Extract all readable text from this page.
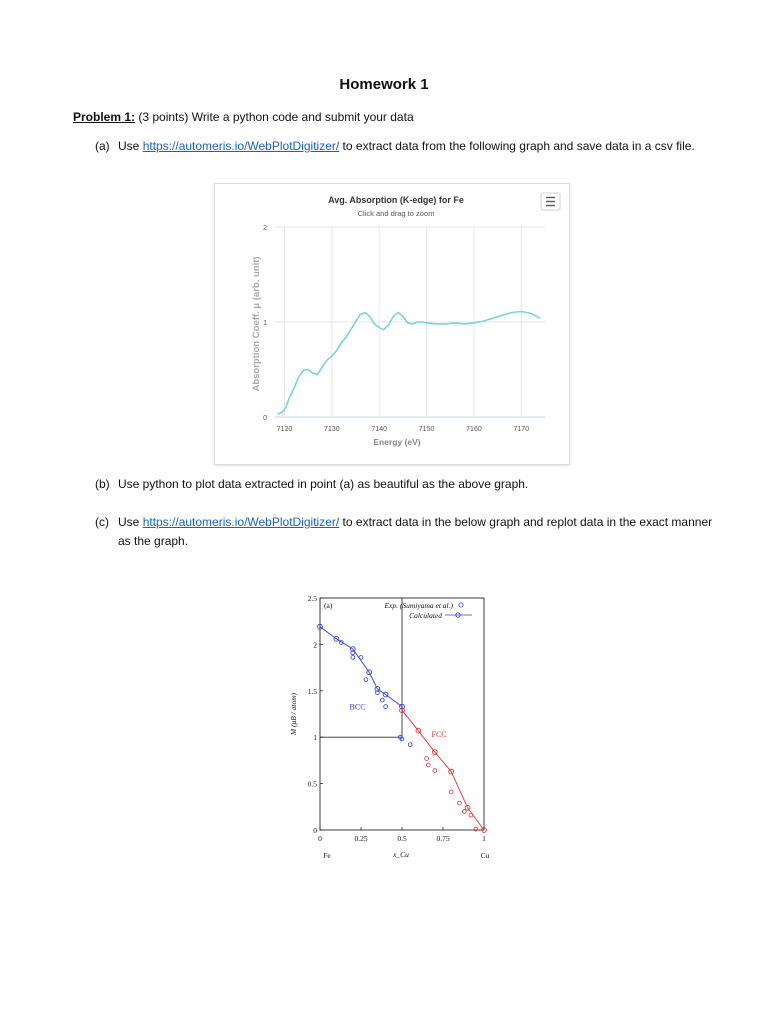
Homework 1
Problem 1: (3 points) Write a python code and submit your data
(a) Use https://automeris.io/WebPlotDigitizer/ to extract data from the following graph and save data in a csv file.
(b) Use python to plot data extracted in point (a) as beautiful as the above graph.
(c) Use https://automeris.io/WebPlotDigitizer/ to extract data in the below graph and replot data in the exact manner as the graph.
Avg. Absorption (K-edge) for Fe
Click and drag to zoom
7120	7130	7140	7150	7160	7170
0
1
2
Energy (eV)
Absorption Coeff. μ (arb. unit)
0	0.25	0.5	0.75	1
0
0.5
1
1.5
2
2.5
(a)	Exp. (Sumiyama et al.)
Calculated
BCC
FCC
M (μB / atom)
x_Cu
Fe	Cu
